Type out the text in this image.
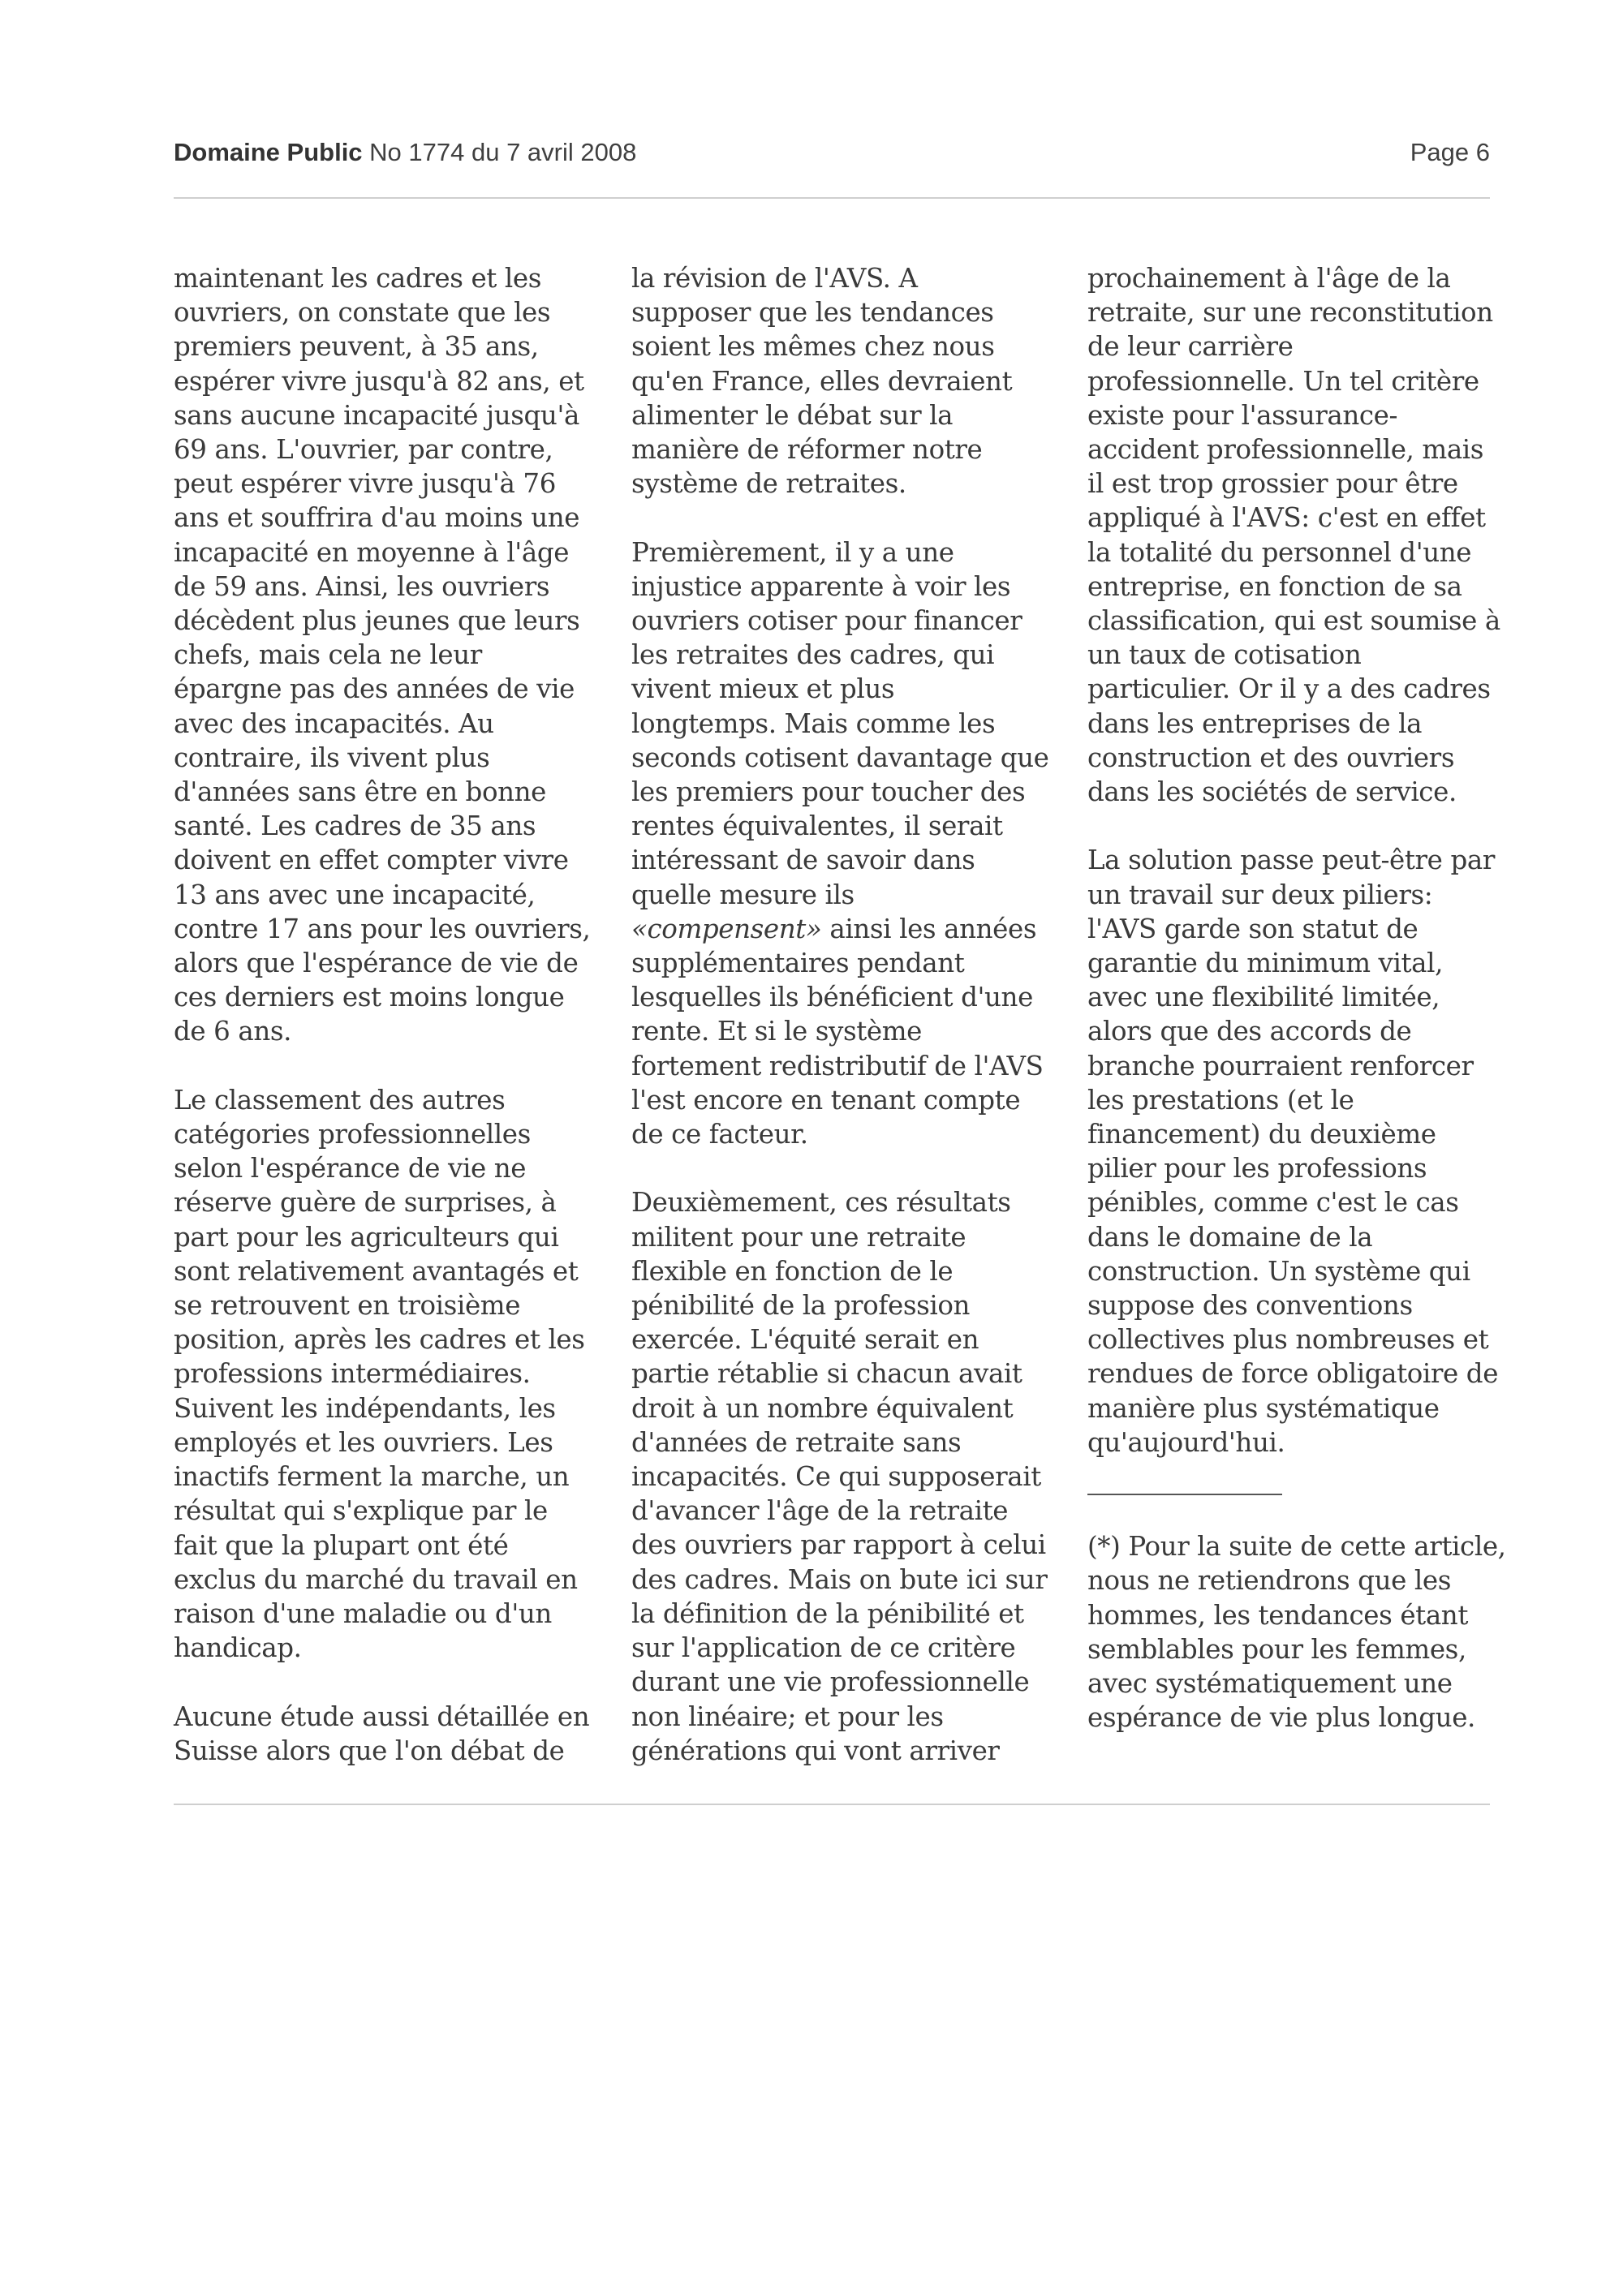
Domaine Public No 1774 du 7 avril 2008	Page 6

maintenant les cadres et les
ouvriers, on constate que les
premiers peuvent, à 35 ans,
espérer vivre jusqu'à 82 ans, et
sans aucune incapacité jusqu'à
69 ans. L'ouvrier, par contre,
peut espérer vivre jusqu'à 76
ans et souffrira d'au moins une
incapacité en moyenne à l'âge
de 59 ans. Ainsi, les ouvriers
décèdent plus jeunes que leurs
chefs, mais cela ne leur
épargne pas des années de vie
avec des incapacités. Au
contraire, ils vivent plus
d'années sans être en bonne
santé. Les cadres de 35 ans
doivent en effet compter vivre
13 ans avec une incapacité,
contre 17 ans pour les ouvriers,
alors que l'espérance de vie de
ces derniers est moins longue
de 6 ans.

Le classement des autres
catégories professionnelles
selon l'espérance de vie ne
réserve guère de surprises, à
part pour les agriculteurs qui
sont relativement avantagés et
se retrouvent en troisième
position, après les cadres et les
professions intermédiaires.
Suivent les indépendants, les
employés et les ouvriers. Les
inactifs ferment la marche, un
résultat qui s'explique par le
fait que la plupart ont été
exclus du marché du travail en
raison d'une maladie ou d'un
handicap.

Aucune étude aussi détaillée en
Suisse alors que l'on débat de

la révision de l'AVS. A
supposer que les tendances
soient les mêmes chez nous
qu'en France, elles devraient
alimenter le débat sur la
manière de réformer notre
système de retraites.

Premièrement, il y a une
injustice apparente à voir les
ouvriers cotiser pour financer
les retraites des cadres, qui
vivent mieux et plus
longtemps. Mais comme les
seconds cotisent davantage que
les premiers pour toucher des
rentes équivalentes, il serait
intéressant de savoir dans
quelle mesure ils
«compensent» ainsi les années
supplémentaires pendant
lesquelles ils bénéficient d'une
rente. Et si le système
fortement redistributif de l'AVS
l'est encore en tenant compte
de ce facteur.

Deuxièmement, ces résultats
militent pour une retraite
flexible en fonction de le
pénibilité de la profession
exercée. L'équité serait en
partie rétablie si chacun avait
droit à un nombre équivalent
d'années de retraite sans
incapacités. Ce qui supposerait
d'avancer l'âge de la retraite
des ouvriers par rapport à celui
des cadres. Mais on bute ici sur
la définition de la pénibilité et
sur l'application de ce critère
durant une vie professionnelle
non linéaire; et pour les
générations qui vont arriver

prochainement à l'âge de la
retraite, sur une reconstitution
de leur carrière
professionnelle. Un tel critère
existe pour l'assurance-
accident professionnelle, mais
il est trop grossier pour être
appliqué à l'AVS: c'est en effet
la totalité du personnel d'une
entreprise, en fonction de sa
classification, qui est soumise à
un taux de cotisation
particulier. Or il y a des cadres
dans les entreprises de la
construction et des ouvriers
dans les sociétés de service.

La solution passe peut-être par
un travail sur deux piliers:
l'AVS garde son statut de
garantie du minimum vital,
avec une flexibilité limitée,
alors que des accords de
branche pourraient renforcer
les prestations (et le
financement) du deuxième
pilier pour les professions
pénibles, comme c'est le cas
dans le domaine de la
construction. Un système qui
suppose des conventions
collectives plus nombreuses et
rendues de force obligatoire de
manière plus systématique
qu'aujourd'hui.

(*) Pour la suite de cette article,
nous ne retiendrons que les
hommes, les tendances étant
semblables pour les femmes,
avec systématiquement une
espérance de vie plus longue.
